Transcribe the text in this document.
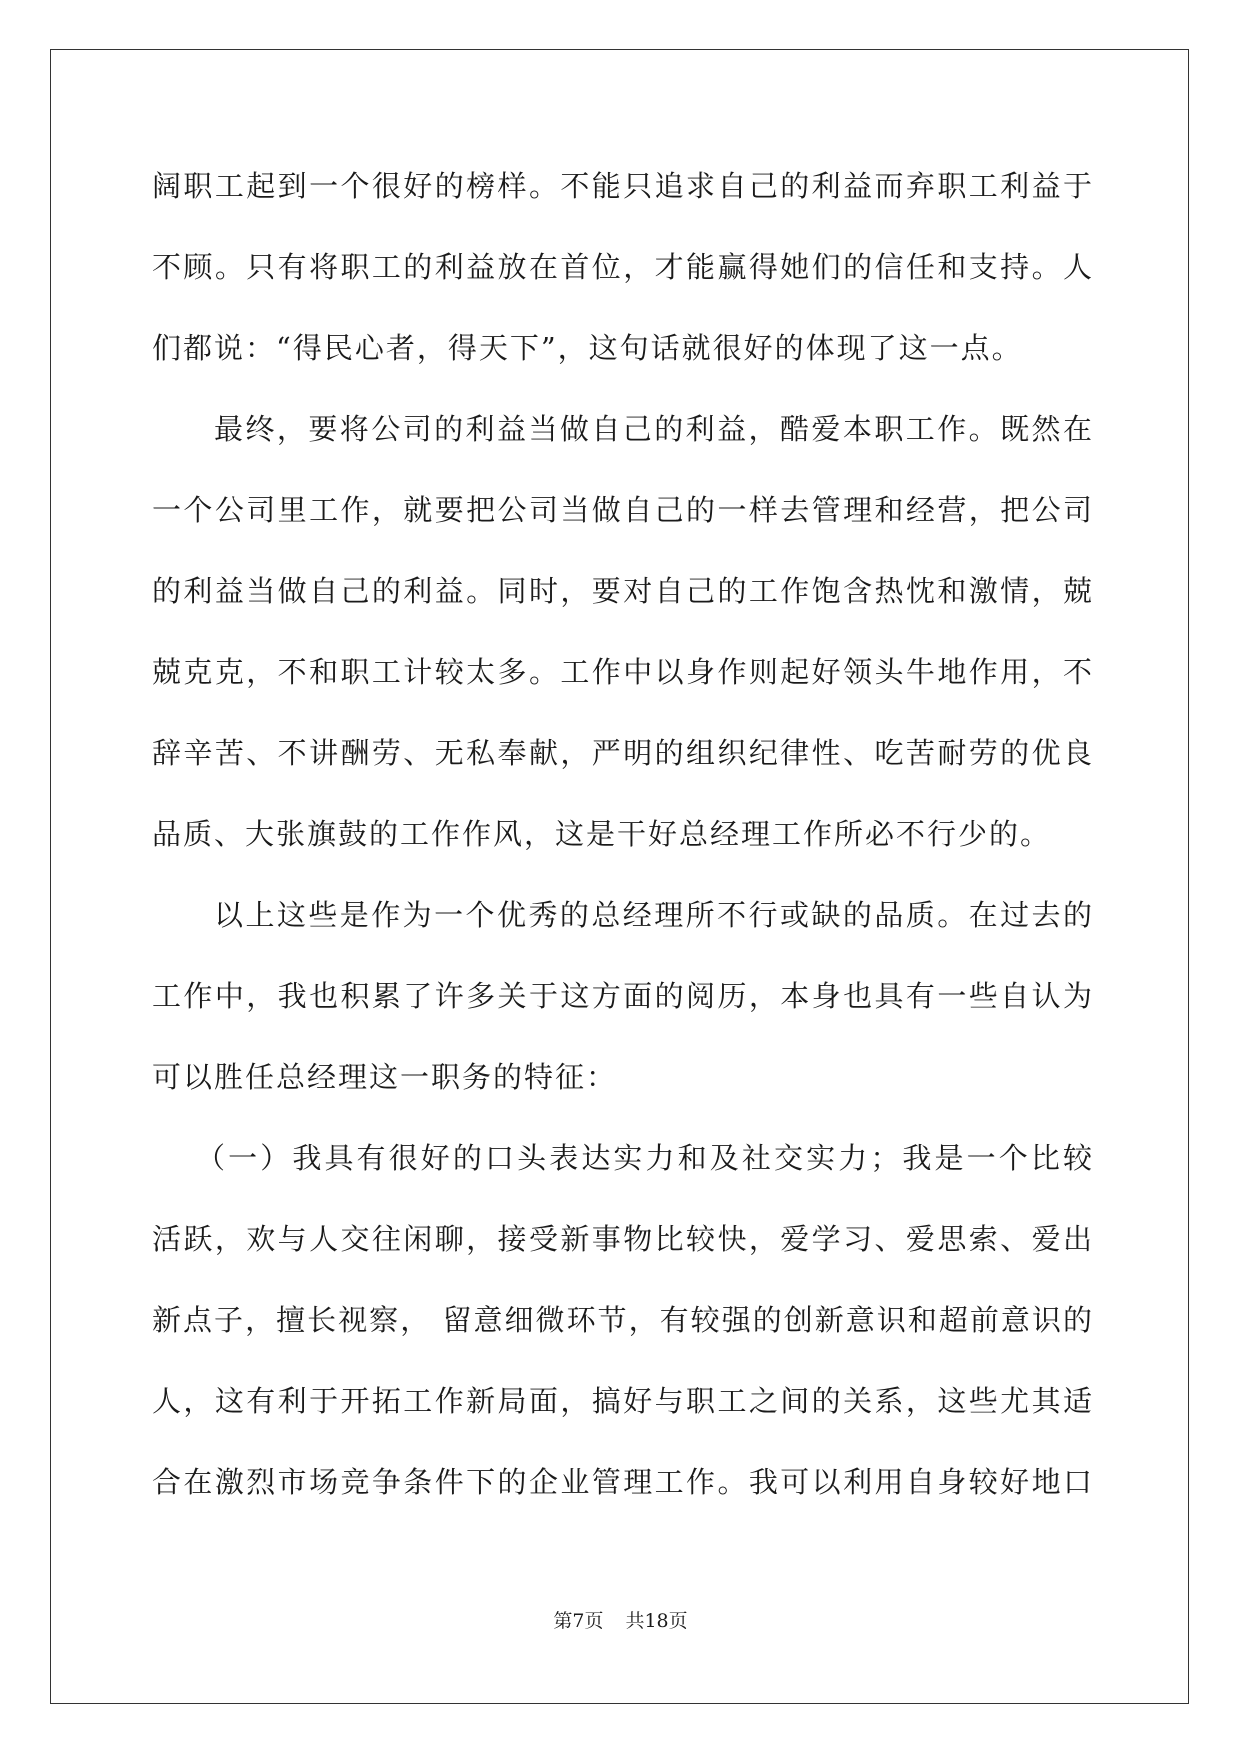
阔职工起到一个很好的榜样。不能只追求自己的利益而弃职工利益于
不顾。只有将职工的利益放在首位，才能赢得她们的信任和支持。人
们都说：“得民心者，得天下”，这句话就很好的体现了这一点。
最终，要将公司的利益当做自己的利益，酷爱本职工作。既然在
一个公司里工作，就要把公司当做自己的一样去管理和经营，把公司
的利益当做自己的利益。同时，要对自己的工作饱含热忱和激情，兢
兢克克，不和职工计较太多。工作中以身作则起好领头牛地作用，不
辞辛苦、不讲酬劳、无私奉献，严明的组织纪律性、吃苦耐劳的优良
品质、大张旗鼓的工作作风，这是干好总经理工作所必不行少的。
以上这些是作为一个优秀的总经理所不行或缺的品质。在过去的
工作中，我也积累了许多关于这方面的阅历，本身也具有一些自认为
可以胜任总经理这一职务的特征：
（一）我具有很好的口头表达实力和及社交实力；我是一个比较
活跃，欢与人交往闲聊，接受新事物比较快，爱学习、爱思索、爱出
新点子，擅长视察， 留意细微环节，有较强的创新意识和超前意识的
人，这有利于开拓工作新局面，搞好与职工之间的关系，这些尤其适
合在激烈市场竞争条件下的企业管理工作。我可以利用自身较好地口
第7页 共18页
